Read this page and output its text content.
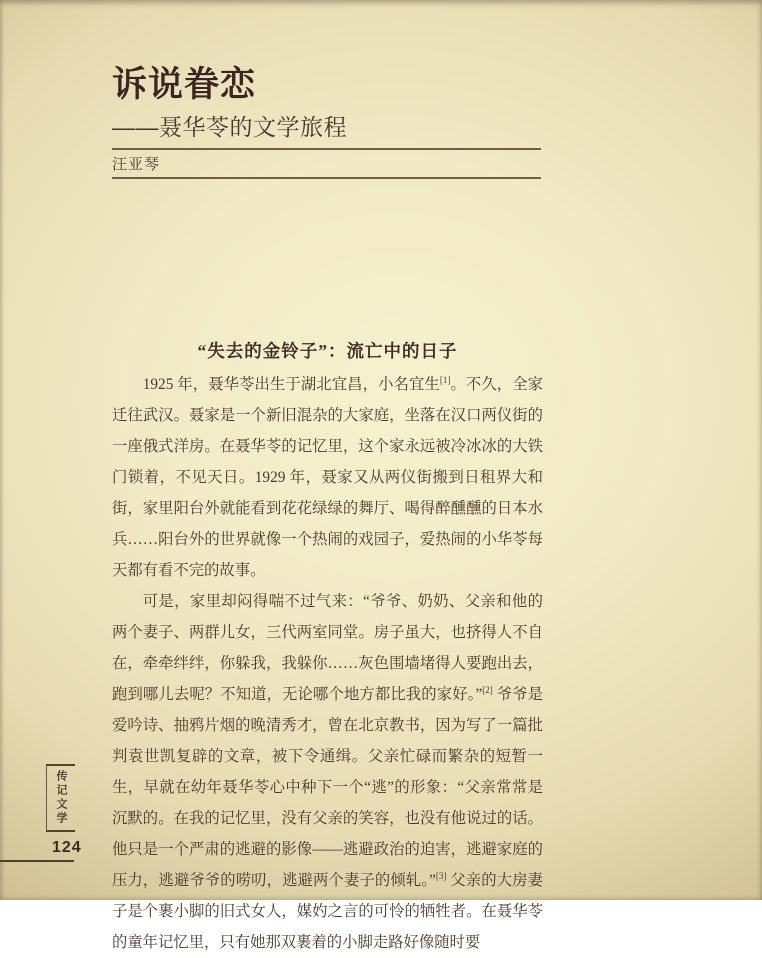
诉说眷恋
——聂华苓的文学旅程
汪亚琴
“失去的金铃子”：流亡中的日子

1925 年，聂华苓出生于湖北宜昌，小名宜生[1]。不久，全家迁往武汉。聂家是一个新旧混杂的大家庭，坐落在汉口两仪街的一座俄式洋房。在聂华苓的记忆里，这个家永远被冷冰冰的大铁门锁着，不见天日。1929 年，聂家又从两仪街搬到日租界大和街，家里阳台外就能看到花花绿绿的舞厅、喝得醉醺醺的日本水兵……阳台外的世界就像一个热闹的戏园子，爱热闹的小华苓每天都有看不完的故事。

可是，家里却闷得喘不过气来：“爷爷、奶奶、父亲和他的两个妻子、两群儿女，三代两室同堂。房子虽大，也挤得人不自在，牵牵绊绊，你躲我，我躲你……灰色围墙堵得人要跑出去，跑到哪儿去呢？不知道，无论哪个地方都比我的家好。”[2] 爷爷是爱吟诗、抽鸦片烟的晚清秀才，曾在北京教书，因为写了一篇批判袁世凯复辟的文章，被下令通缉。父亲忙碌而繁杂的短暂一生，早就在幼年聂华苓心中种下一个“逃”的形象：“父亲常常是沉默的。在我的记忆里，没有父亲的笑容，也没有他说过的话。他只是一个严肃的逃避的影像——逃避政治的迫害，逃避家庭的压力，逃避爷爷的唠叨，逃避两个妻子的倾轧。”[3] 父亲的大房妻子是个裹小脚的旧式女人，媒妁之言的可怜的牺牲者。在聂华苓的童年记忆里，只有她那双裹着的小脚走路好像随时要

传记文学
124
